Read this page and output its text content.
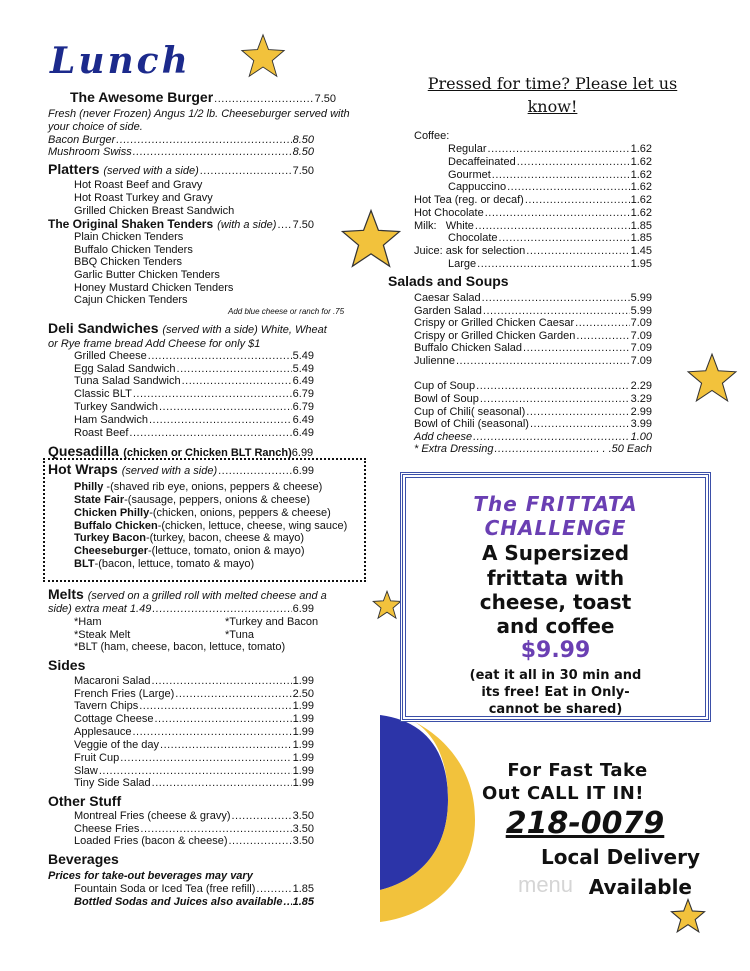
Lunch
The Awesome Burger .....	7.50
Fresh (never Frozen) Angus 1/2 lb. Cheeseburger served with
your choice of side.
Bacon Burger .....	8.50
Mushroom Swiss .....	8.50
Platters (served with a side) .....	7.50
Hot Roast Beef and Gravy
Hot Roast Turkey and Gravy
Grilled Chicken Breast Sandwich
The Original Shaken Tenders (with a side) ..... 7.50
Plain Chicken Tenders
Buffalo Chicken Tenders
BBQ Chicken Tenders
Garlic Butter Chicken Tenders
Honey Mustard Chicken Tenders
Cajun Chicken Tenders
Add blue cheese or ranch for .75
Deli Sandwiches (served with a side) White, Wheat
or Rye frame bread Add Cheese for only $1
Grilled Cheese .....	5.49
Egg Salad Sandwich .....	5.49
Tuna Salad Sandwich .....	6.49
Classic BLT .....	6.79
Turkey Sandwich .....	6.79
Ham Sandwich .....	6.49
Roast Beef .....	6.49
Quesadilla (chicken or Chicken BLT Ranch)6.99
Hot Wraps (served with a side) .....	6.99
Philly -(shaved rib eye, onions, peppers & cheese)
State Fair-(sausage, peppers, onions & cheese)
Chicken Philly-(chicken, onions, peppers & cheese)
Buffalo Chicken-(chicken, lettuce, cheese, wing sauce)
Turkey Bacon-(turkey, bacon, cheese & mayo)
Cheeseburger-(lettuce, tomato, onion & mayo)
BLT-(bacon, lettuce, tomato & mayo)
Melts (served on a grilled roll with melted cheese and a
side) extra meat 1.49 .....	6.99
*Ham	*Turkey and Bacon
*Steak Melt	*Tuna
*BLT (ham, cheese, bacon, lettuce, tomato)
Sides
Macaroni Salad .....	1.99
French Fries (Large) .....	2.50
Tavern Chips .....	1.99
Cottage Cheese .....	1.99
Applesauce .....	1.99
Veggie of the day .....	1.99
Fruit Cup .....	1.99
Slaw .....	1.99
Tiny Side Salad .....	1.99
Other Stuff
Montreal Fries (cheese & gravy) .....	3.50
Cheese Fries .....	3.50
Loaded Fries (bacon & cheese) .....	3.50
Beverages
Prices for take-out beverages may vary
Fountain Soda or Iced Tea (free refill) .....	1.85
Bottled Sodas and Juices also available ..... 1.85
Pressed for time? Please let us
know!
Coffee:
Regular .....	1.62
Decaffeinated .....	1.62
Gourmet .....	1.62
Cappuccino .....	1.62
Hot Tea (reg. or decaf) .....	1.62
Hot Chocolate .....	1.62
Milk:   White .....	1.85
Chocolate .....	1.85
Juice: ask for selection .....	1.45
Large .....	1.95
Salads and Soups
Caesar Salad .....	5.99
Garden Salad .....	5.99
Crispy or Grilled Chicken Caesar .....	7.09
Crispy or Grilled Chicken Garden .....	7.09
Buffalo Chicken Salad .....	7.09
Julienne .....	7.09
Cup of Soup .....	2.29
Bowl of Soup .....	3.29
Cup of Chili( seasonal) .....	2.99
Bowl of Chili (seasonal) .....	3.99
Add cheese .....	1.00
* Extra Dressing .....	. . .50 Each
The FRITTATA
CHALLENGE
A Supersized
frittata with
cheese, toast
and coffee
$9.99
(eat it all in 30 min and
its free! Eat in Only-
cannot be shared)
For Fast Take
Out CALL IT IN!
218-0079
Local Delivery
menu Available
